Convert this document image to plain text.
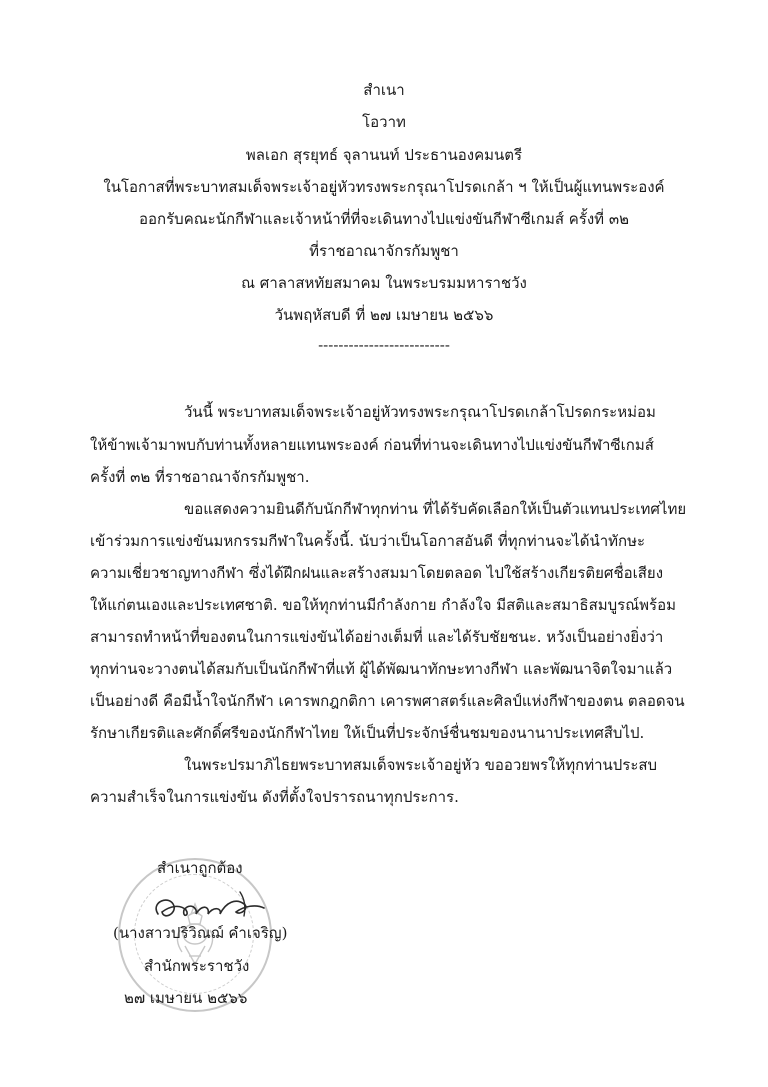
สำเนา
โอวาท
พลเอก สุรยุทธ์ จุลานนท์ ประธานองคมนตรี
ในโอกาสที่พระบาทสมเด็จพระเจ้าอยู่หัวทรงพระกรุณาโปรดเกล้า ฯ ให้เป็นผู้แทนพระองค์
ออกรับคณะนักกีฬาและเจ้าหน้าที่ที่จะเดินทางไปแข่งขันกีฬาซีเกมส์ ครั้งที่ ๓๒
ที่ราชอาณาจักรกัมพูชา
ณ ศาลาสหทัยสมาคม ในพระบรมมหาราชวัง
วันพฤหัสบดี ที่ ๒๗ เมษายน ๒๕๖๖
--------------------------
วันนี้ พระบาทสมเด็จพระเจ้าอยู่หัวทรงพระกรุณาโปรดเกล้าโปรดกระหม่อม
ให้ข้าพเจ้ามาพบกับท่านทั้งหลายแทนพระองค์ ก่อนที่ท่านจะเดินทางไปแข่งขันกีฬาซีเกมส์
ครั้งที่ ๓๒ ที่ราชอาณาจักรกัมพูชา.
ขอแสดงความยินดีกับนักกีฬาทุกท่าน ที่ได้รับคัดเลือกให้เป็นตัวแทนประเทศไทย
เข้าร่วมการแข่งขันมหกรรมกีฬาในครั้งนี้. นับว่าเป็นโอกาสอันดี ที่ทุกท่านจะได้นำทักษะ
ความเชี่ยวชาญทางกีฬา ซึ่งได้ฝึกฝนและสร้างสมมาโดยตลอด ไปใช้สร้างเกียรติยศชื่อเสียง
ให้แก่ตนเองและประเทศชาติ. ขอให้ทุกท่านมีกำลังกาย กำลังใจ มีสติและสมาธิสมบูรณ์พร้อม
สามารถทำหน้าที่ของตนในการแข่งขันได้อย่างเต็มที่ และได้รับชัยชนะ. หวังเป็นอย่างยิ่งว่า
ทุกท่านจะวางตนได้สมกับเป็นนักกีฬาที่แท้ ผู้ได้พัฒนาทักษะทางกีฬา และพัฒนาจิตใจมาแล้ว
เป็นอย่างดี คือมีน้ำใจนักกีฬา เคารพกฎกติกา เคารพศาสตร์และศิลป์แห่งกีฬาของตน ตลอดจน
รักษาเกียรติและศักดิ์ศรีของนักกีฬาไทย ให้เป็นที่ประจักษ์ชื่นชมของนานาประเทศสืบไป.
ในพระปรมาภิไธยพระบาทสมเด็จพระเจ้าอยู่หัว ขออวยพรให้ทุกท่านประสบ
ความสำเร็จในการแข่งขัน ดังที่ตั้งใจปรารถนาทุกประการ.
สำเนาถูกต้อง
(นางสาวปริวิณฌ์ คำเจริญ)
สำนักพระราชวัง
๒๗ เมษายน ๒๕๖๖
